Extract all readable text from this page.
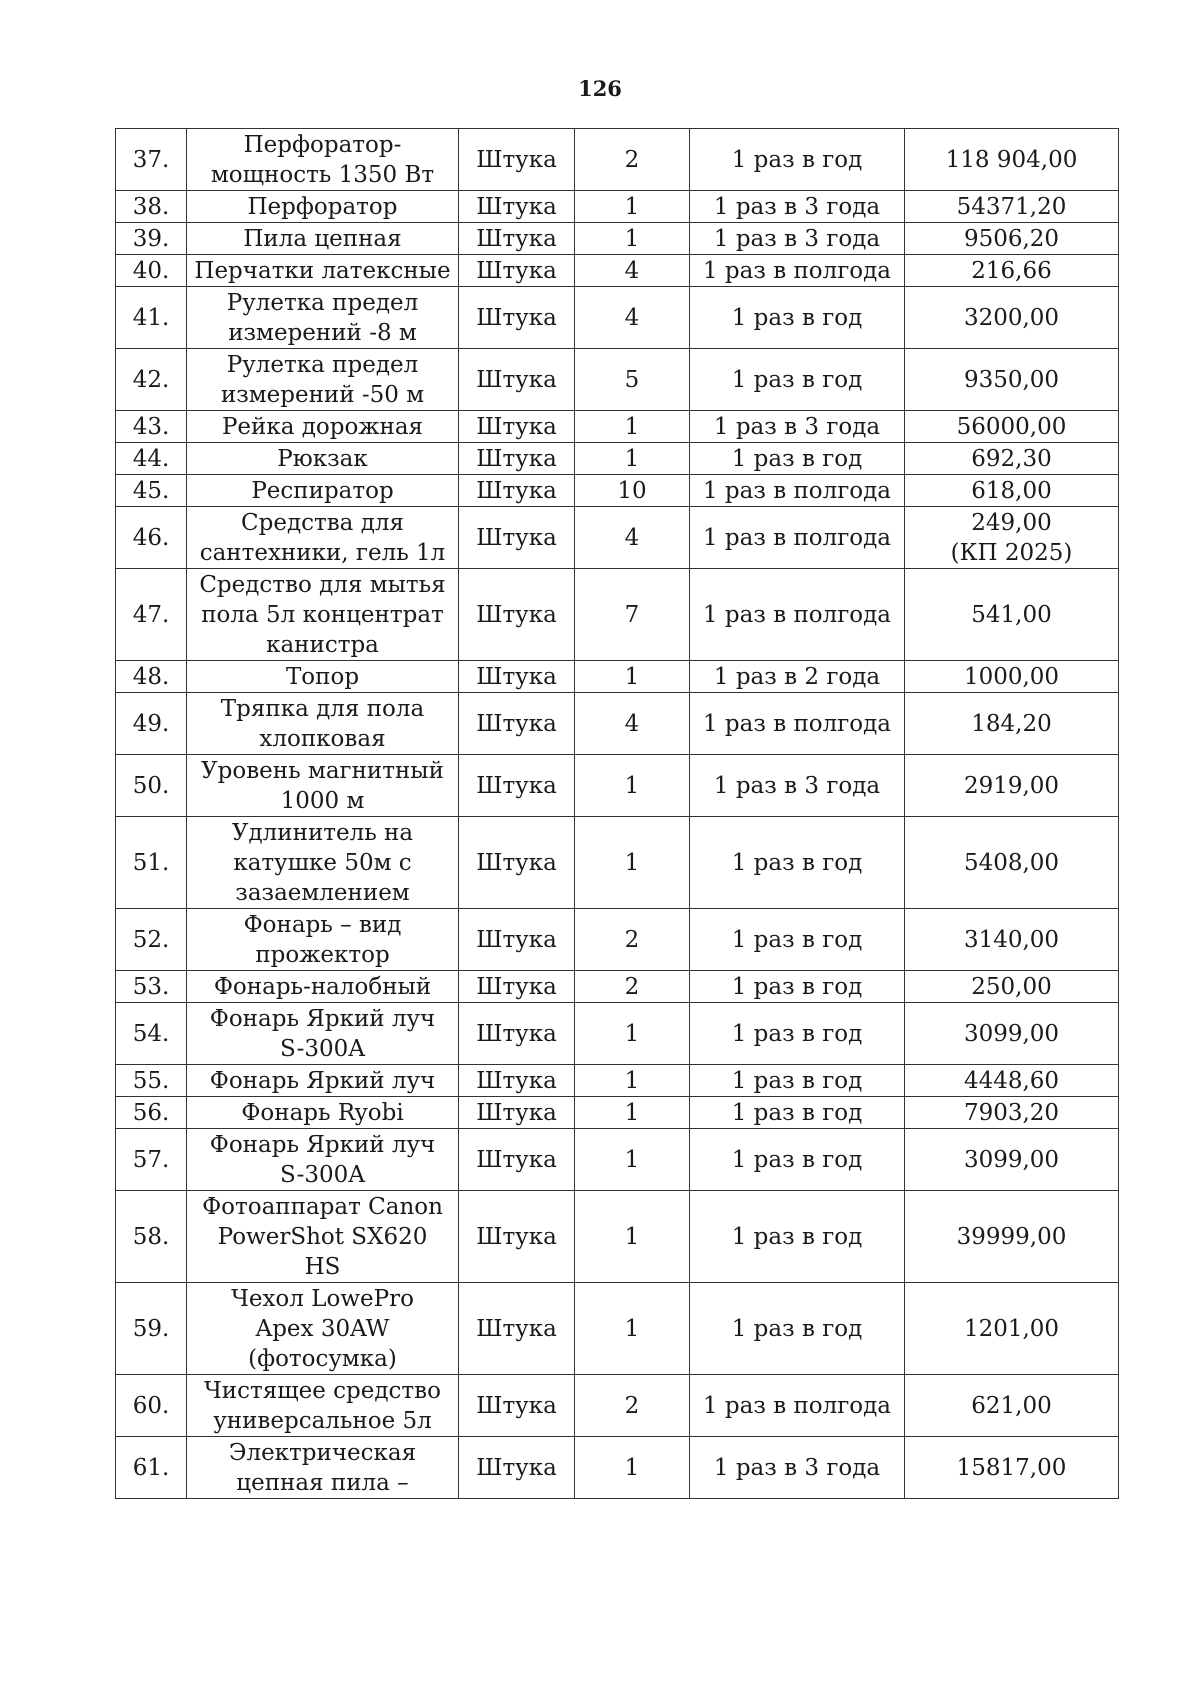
126
37.	Перфоратор-
мощность 1350 Вт	Штука	2	1 раз в год	118 904,00
38.	Перфоратор	Штука	1	1 раз в 3 года	54371,20
39.	Пила цепная	Штука	1	1 раз в 3 года	9506,20
40.	Перчатки латексные	Штука	4	1 раз в полгода	216,66
41.	Рулетка предел
измерений -8 м	Штука	4	1 раз в год	3200,00
42.	Рулетка предел
измерений -50 м	Штука	5	1 раз в год	9350,00
43.	Рейка дорожная	Штука	1	1 раз в 3 года	56000,00
44.	Рюкзак	Штука	1	1 раз в год	692,30
45.	Респиратор	Штука	10	1 раз в полгода	618,00
46.	Средства для
сантехники, гель 1л	Штука	4	1 раз в полгода	249,00
(КП 2025)
47.	Средство для мытья
пола 5л концентрат
канистра	Штука	7	1 раз в полгода	541,00
48.	Топор	Штука	1	1 раз в 2 года	1000,00
49.	Тряпка для пола
хлопковая	Штука	4	1 раз в полгода	184,20
50.	Уровень магнитный
1000 м	Штука	1	1 раз в 3 года	2919,00
51.	Удлинитель на
катушке 50м с
зазаемлением	Штука	1	1 раз в год	5408,00
52.	Фонарь – вид
прожектор	Штука	2	1 раз в год	3140,00
53.	Фонарь-налобный	Штука	2	1 раз в год	250,00
54.	Фонарь Яркий луч
S-300A	Штука	1	1 раз в год	3099,00
55.	Фонарь Яркий луч	Штука	1	1 раз в год	4448,60
56.	Фонарь Ryobi	Штука	1	1 раз в год	7903,20
57.	Фонарь Яркий луч
S-300A	Штука	1	1 раз в год	3099,00
58.	Фотоаппарат Canon
PowerShot SX620
HS	Штука	1	1 раз в год	39999,00
59.	Чехол LowePro
Apex 30AW
(фотосумка)	Штука	1	1 раз в год	1201,00
60.	Чистящее средство
универсальное 5л	Штука	2	1 раз в полгода	621,00
61.	Электрическая
цепная пила –	Штука	1	1 раз в 3 года	15817,00
